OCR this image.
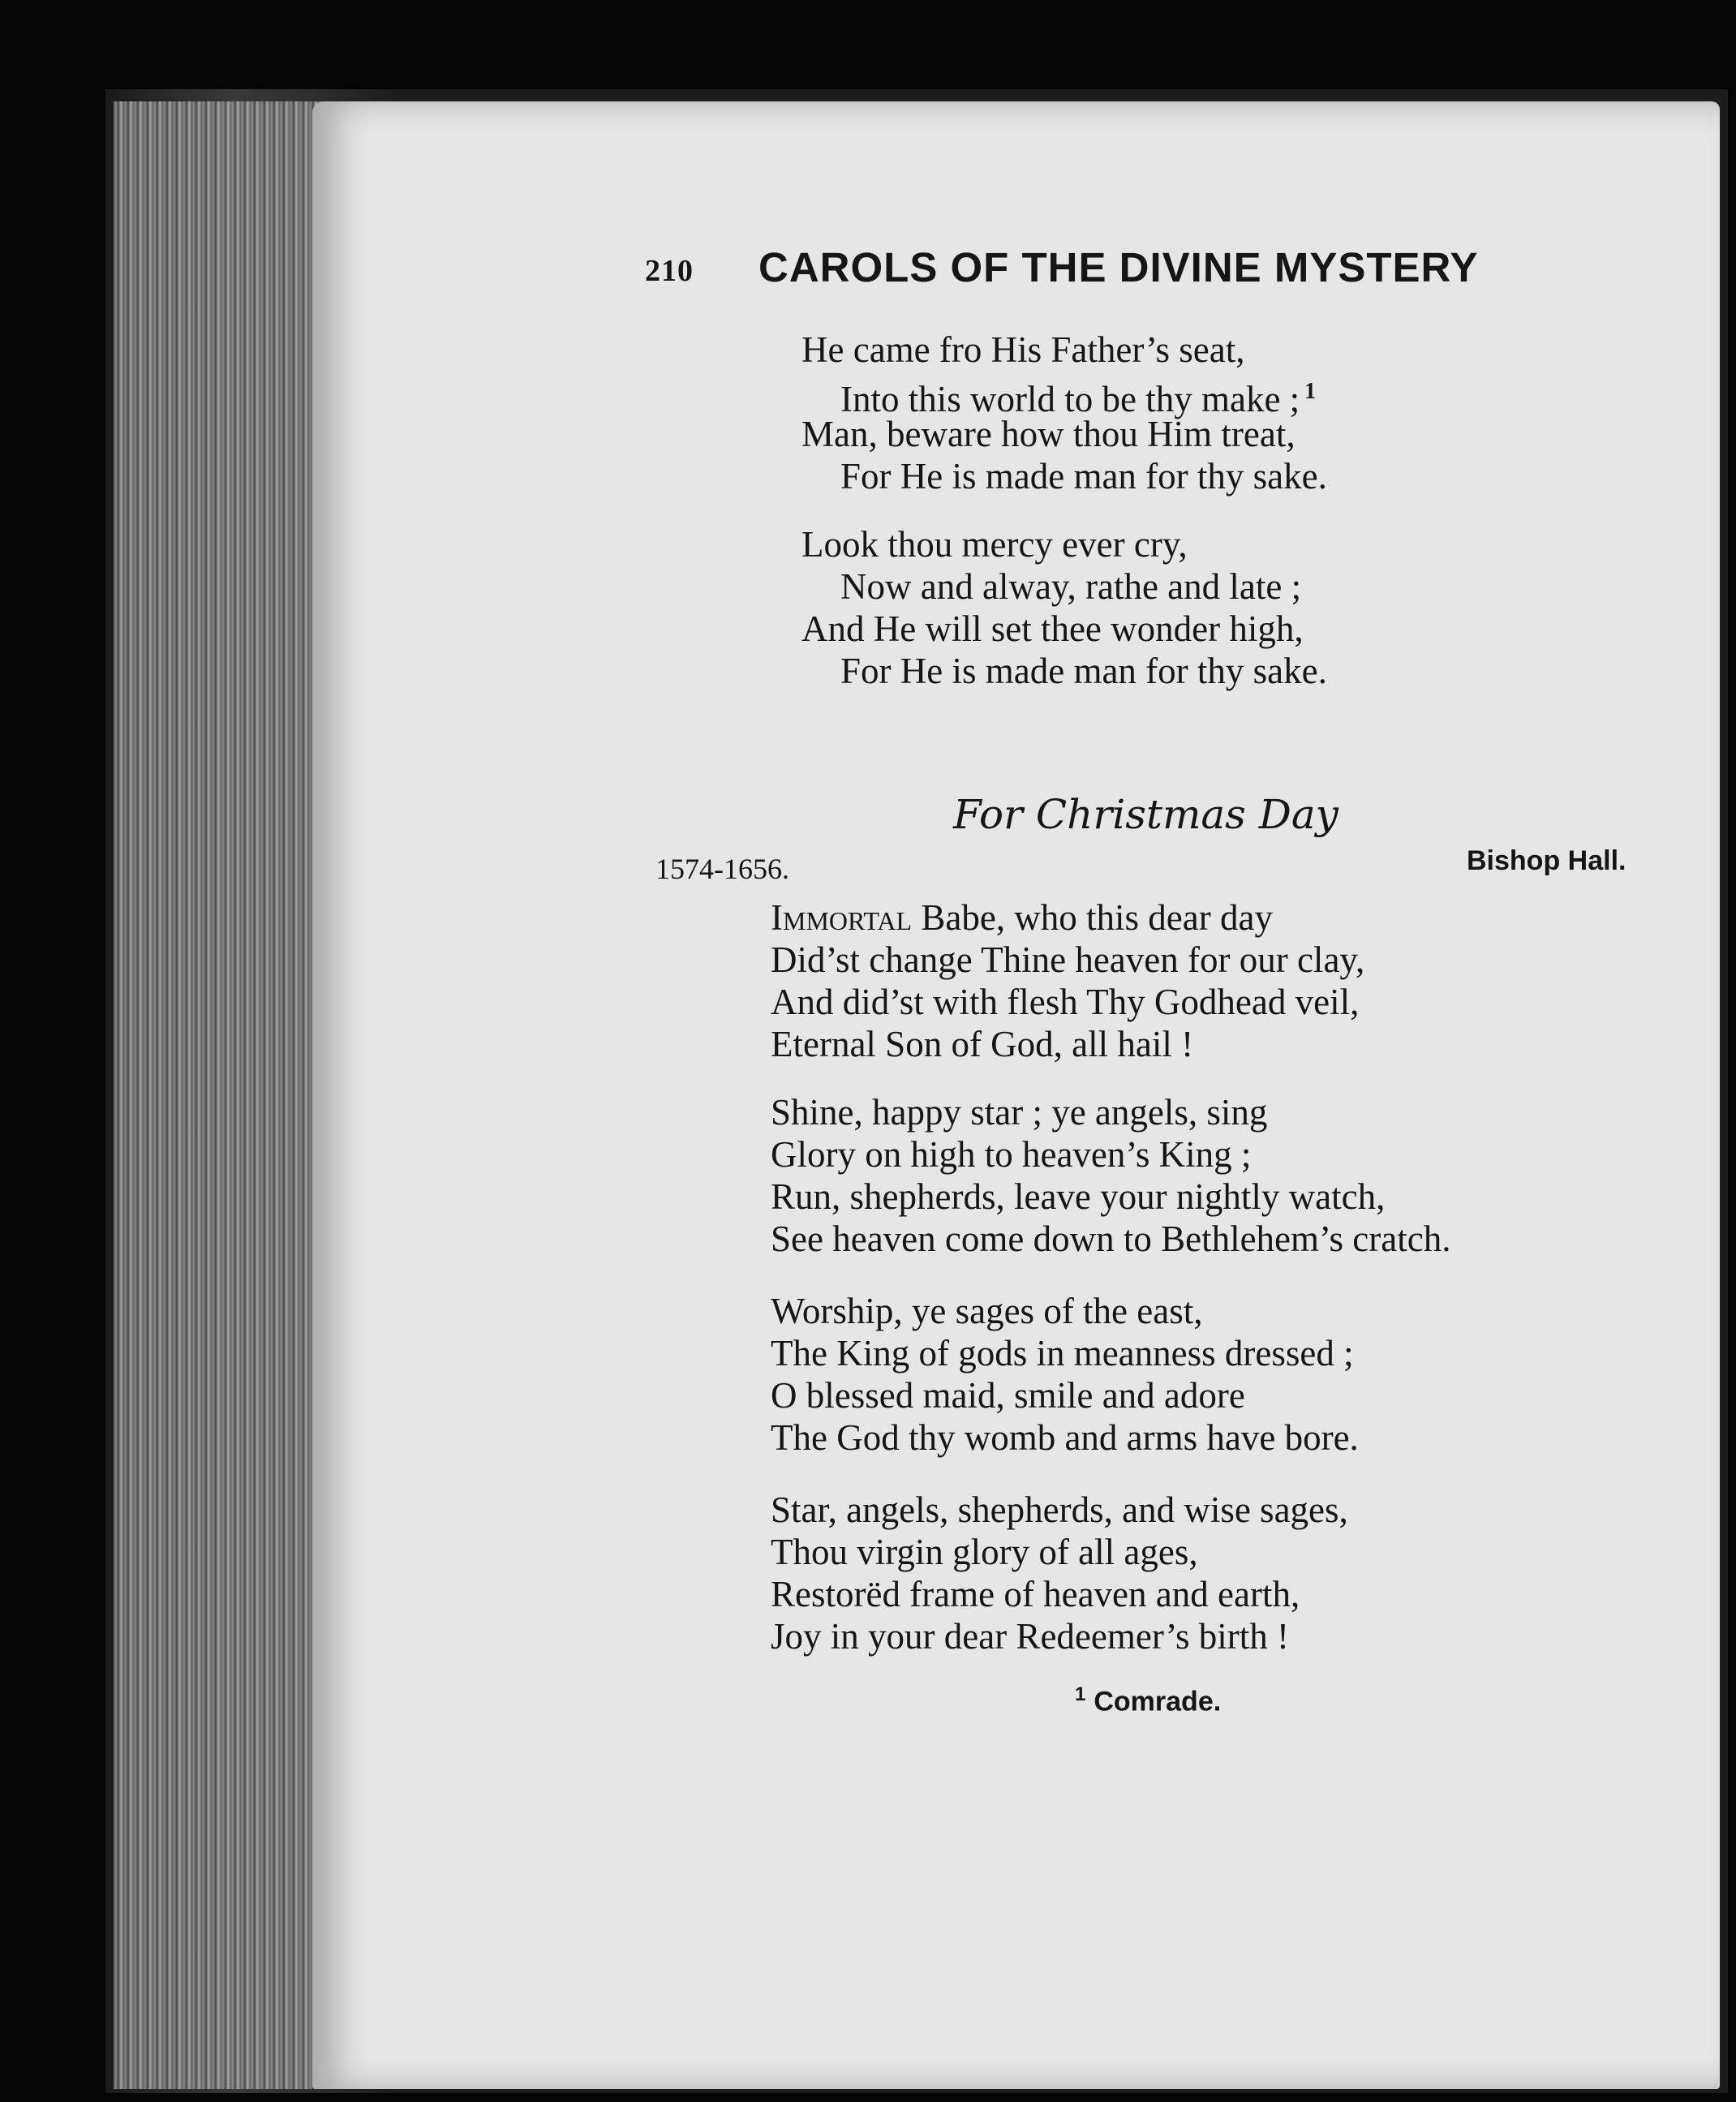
210 CAROLS OF THE DIVINE MYSTERY
He came fro His Father’s seat,
Into this world to be thy make ; $^1$
Man, beware how thou Him treat,
For He is made man for thy sake.
Look thou mercy ever cry,
Now and alway, rathe and late ;
And He will set thee wonder high,
For He is made man for thy sake.
For Christmas Day
1574-1656.	Bishop Hall.
Immortal Babe, who this dear day
Did’st change Thine heaven for our clay,
And did’st with flesh Thy Godhead veil,
Eternal Son of God, all hail !
Shine, happy star ; ye angels, sing
Glory on high to heaven’s King ;
Run, shepherds, leave your nightly watch,
See heaven come down to Bethlehem’s cratch.
Worship, ye sages of the east,
The King of gods in meanness dressed ;
O blessed maid, smile and adore
The God thy womb and arms have bore.
Star, angels, shepherds, and wise sages,
Thou virgin glory of all ages,
Restorëd frame of heaven and earth,
Joy in your dear Redeemer’s birth !
$^1$ Comrade.
